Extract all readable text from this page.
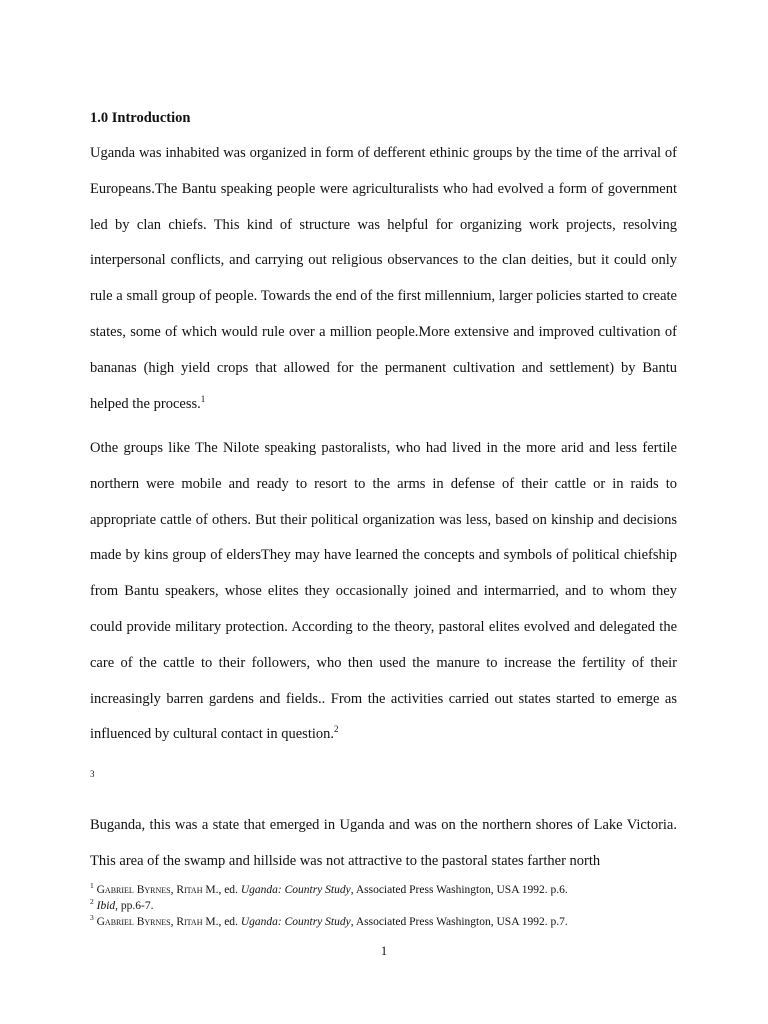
1.0 Introduction

Uganda was inhabited was organized in form of defferent ethinic groups by the time of the arrival of Europeans.The Bantu speaking people were agriculturalists who had evolved a form of government led by clan chiefs. This kind of structure was helpful for organizing work projects, resolving interpersonal conflicts, and carrying out religious observances to the clan deities, but it could only rule a small group of people. Towards the end of the first millennium, larger policies started to create states, some of which would rule over a million people.More extensive and improved cultivation of bananas (high yield crops that allowed for the permanent cultivation and settlement) by Bantu helped the process.$^1$

Othe groups like The Nilote speaking pastoralists, who had lived in the more arid and less fertile northern were mobile and ready to resort to the arms in defense of their cattle or in raids to appropriate cattle of others. But their political organization was less, based on kinship and decisions made by kins group of eldersThey may have learned the concepts and symbols of political chiefship from Bantu speakers, whose elites they occasionally joined and intermarried, and to whom they could provide military protection. According to the theory, pastoral elites evolved and delegated the care of the cattle to their followers, who then used the manure to increase the fertility of their increasingly barren gardens and fields.. From the activities carried out states started to emerge as influenced by cultural contact in question.$^2$

3

Buganda, this was a state that emerged in Uganda and was on the northern shores of Lake Victoria. This area of the swamp and hillside was not attractive to the pastoral states farther north

$^1$ Gabriel Byrnes, Ritah M., ed. Uganda: Country Study, Associated Press Washington, USA 1992. p.6.
$^2$ Ibid, pp.6-7.
$^3$ Gabriel Byrnes, Ritah M., ed. Uganda: Country Study, Associated Press Washington, USA 1992. p.7.
1
